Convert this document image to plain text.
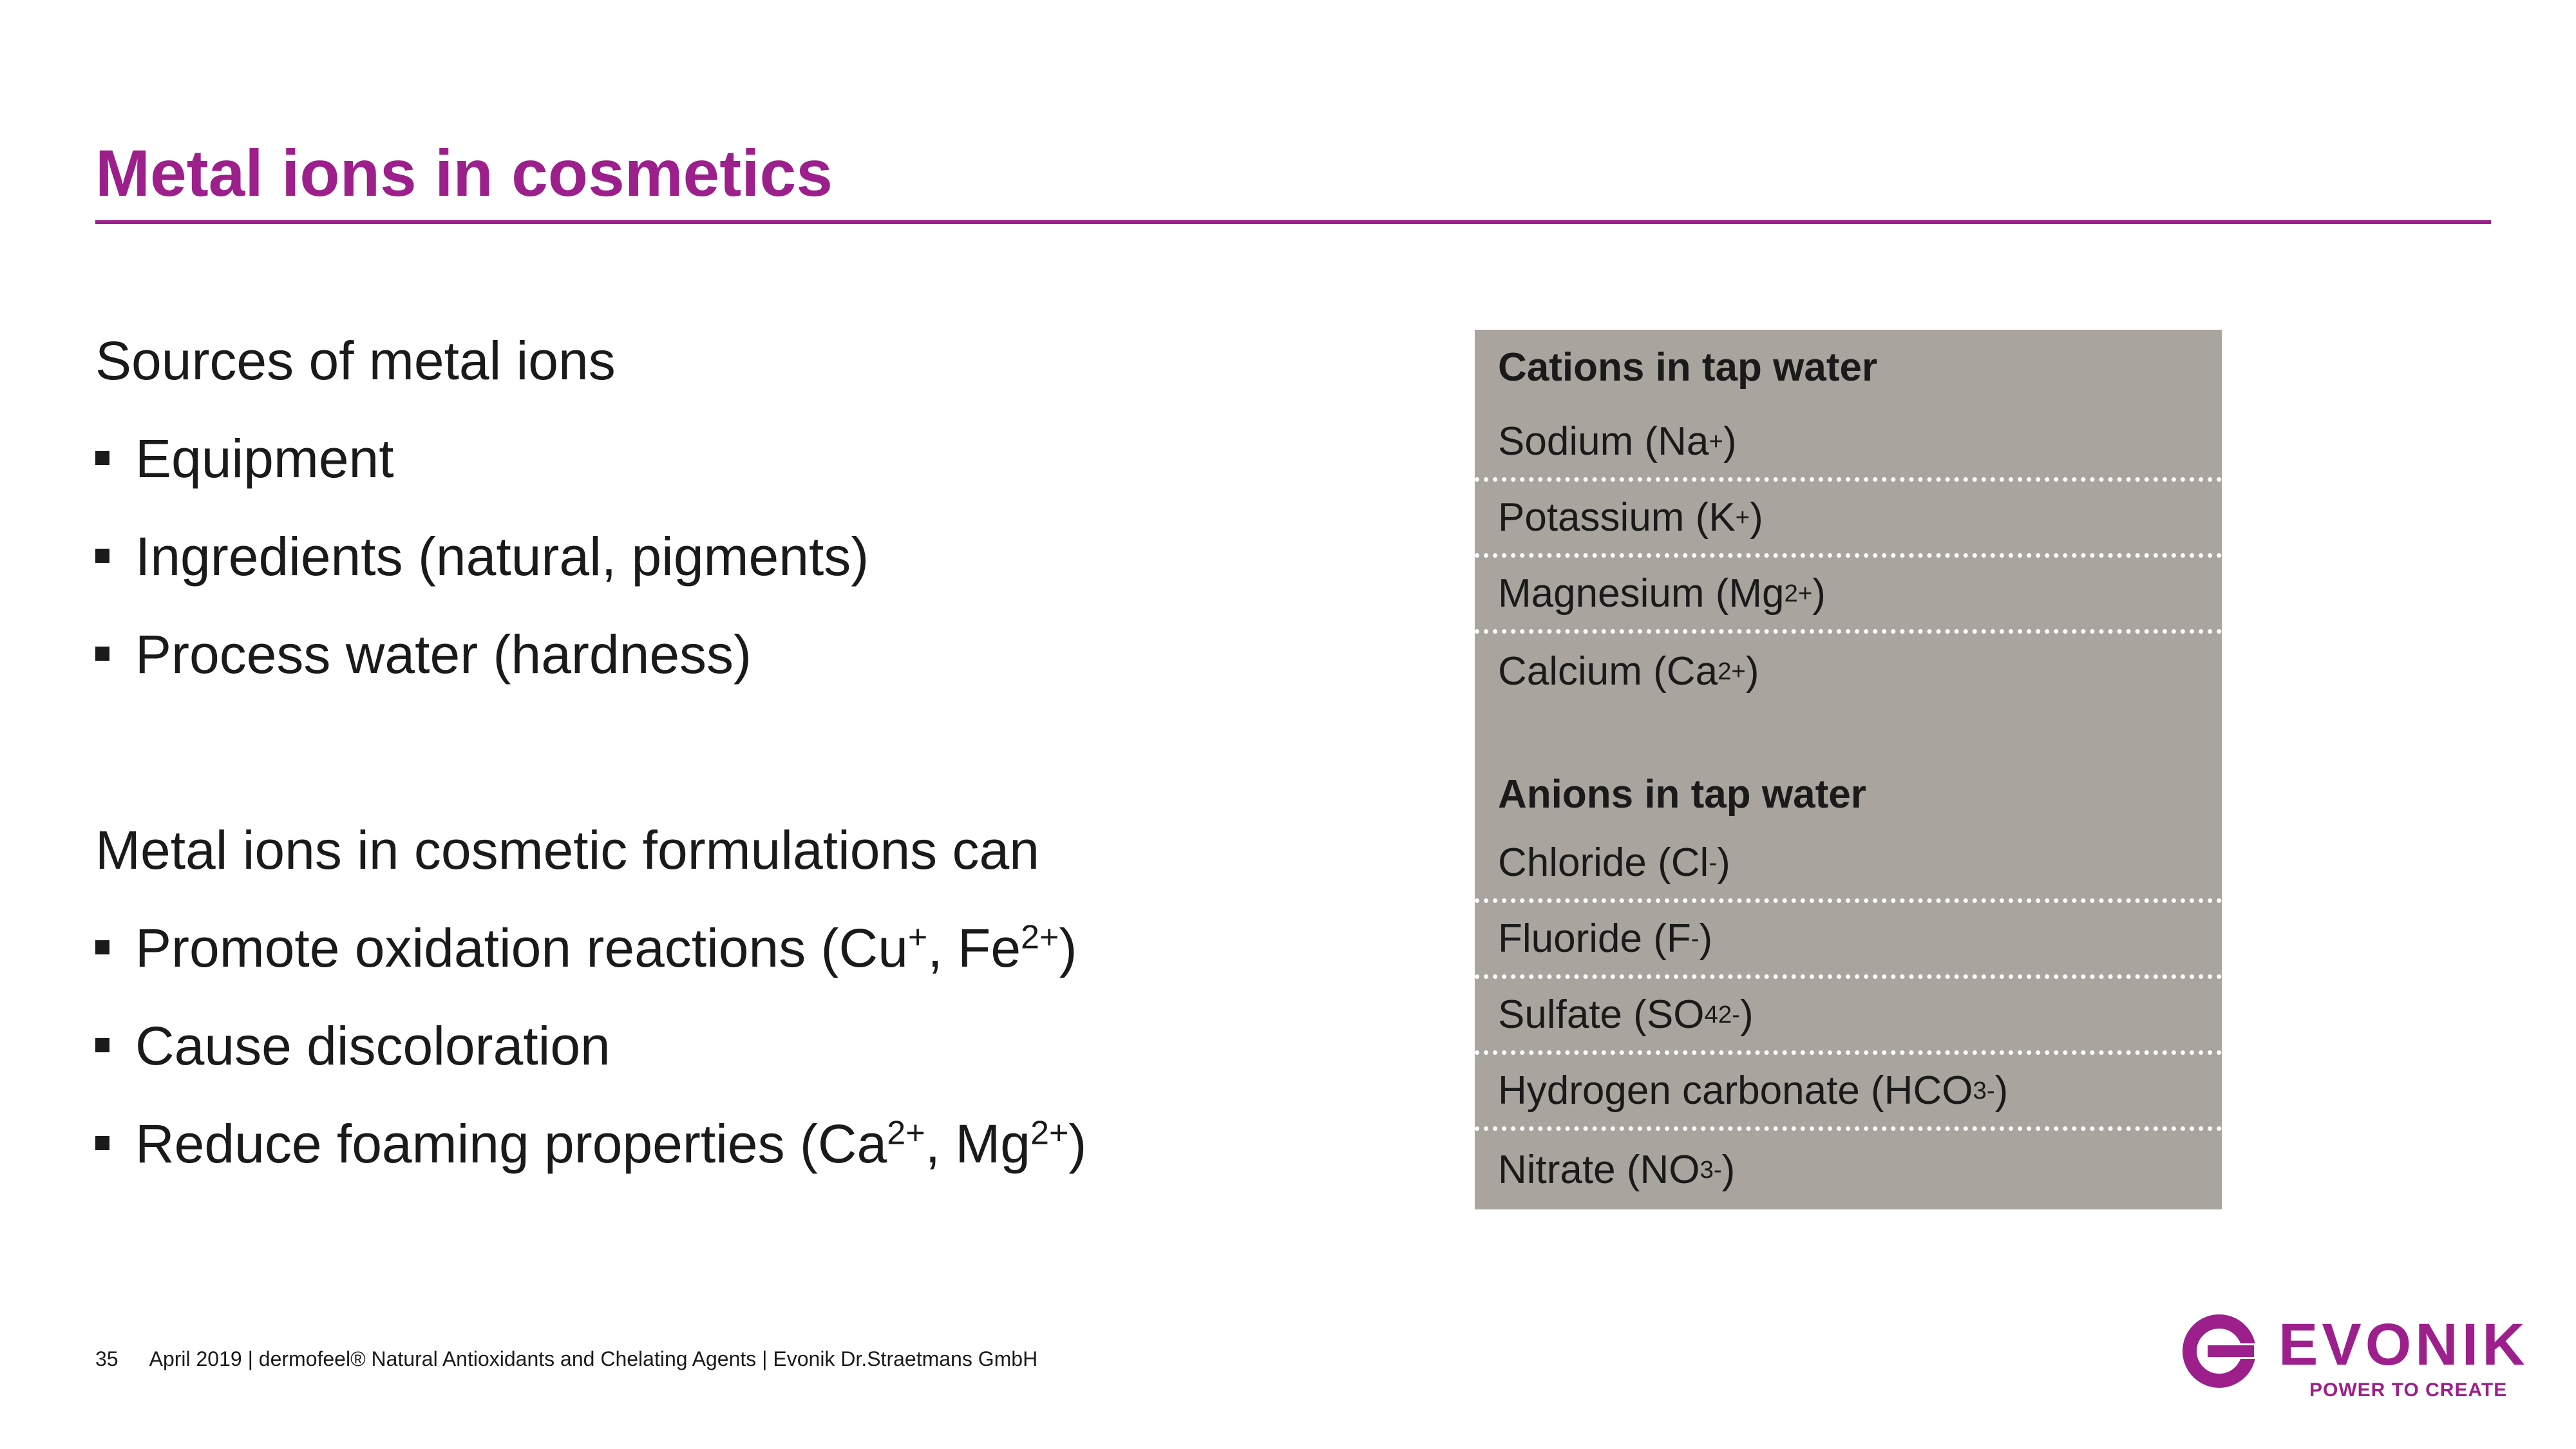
Metal ions in cosmetics
Sources of metal ions
Equipment
Ingredients (natural, pigments)
Process water (hardness)
Metal ions in cosmetic formulations can
Promote oxidation reactions (Cu+, $Fe^{2+}$)
Cause discoloration
Reduce foaming properties ($Ca^{2+}$, $Mg^{2+}$)
Cations in tap water
Sodium (Na + )
Potassium (K + )
Magnesium (Mg 2+ )
Calcium (Ca 2+ )
Anions in tap water
Chloride (Cl - )
Fluoride (F - )
Sulfate (SO 4 2- )
Hydrogen carbonate (HCO 3- )
Nitrate (NO 3- )
35 April 2019 | dermofeel® Natural Antioxidants and Chelating Agents | Evonik Dr.Straetmans GmbH	EVONIK
POWER TO CREATE
